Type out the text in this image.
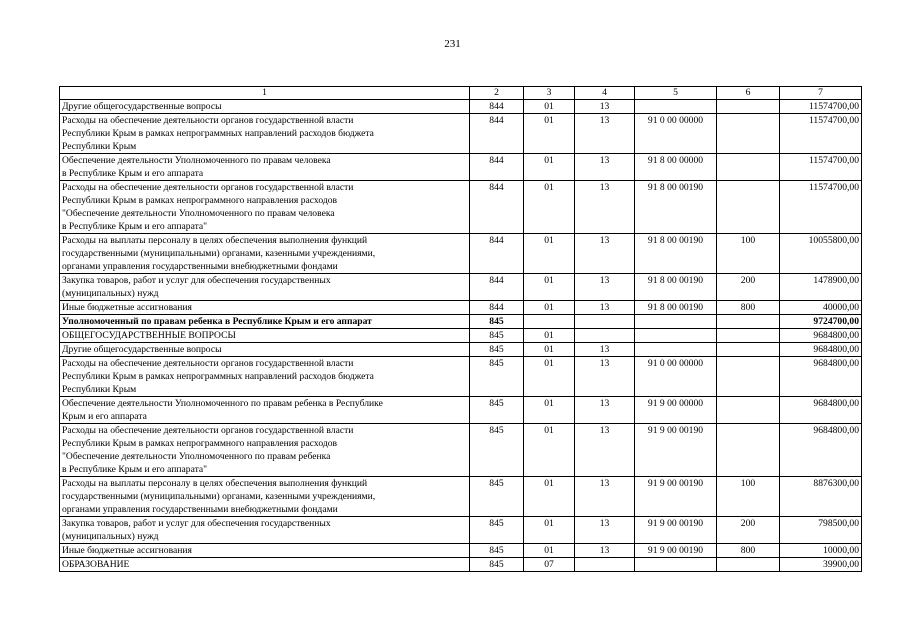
231
1	2	3	4	5	6	7
Другие общегосударственные вопросы	844	01	13			11574700,00
Расходы на обеспечение деятельности органов государственной власти
Республики Крым в рамках непрограммных направлений расходов бюджета
Республики Крым	844	01	13	91 0 00 00000		11574700,00
Обеспечение деятельности Уполномоченного по правам человека
в Республике Крым и его аппарата	844	01	13	91 8 00 00000		11574700,00
Расходы на обеспечение деятельности органов государственной власти
Республики Крым в рамках непрограммного направления расходов
"Обеспечение деятельности Уполномоченного по правам человека
в Республике Крым и его аппарата"	844	01	13	91 8 00 00190		11574700,00
Расходы на выплаты персоналу в целях обеспечения выполнения функций
государственными (муниципальными) органами, казенными учреждениями,
органами управления государственными внебюджетными фондами	844	01	13	91 8 00 00190	100	10055800,00
Закупка товаров, работ и услуг для обеспечения государственных
(муниципальных) нужд	844	01	13	91 8 00 00190	200	1478900,00
Иные бюджетные ассигнования	844	01	13	91 8 00 00190	800	40000,00
Уполномоченный по правам ребенка в Республике Крым и его аппарат	845					9724700,00
ОБЩЕГОСУДАРСТВЕННЫЕ ВОПРОСЫ	845	01				9684800,00
Другие общегосударственные вопросы	845	01	13			9684800,00
Расходы на обеспечение деятельности органов государственной власти
Республики Крым в рамках непрограммных направлений расходов бюджета
Республики Крым	845	01	13	91 0 00 00000		9684800,00
Обеспечение деятельности Уполномоченного по правам ребенка в Республике
Крым и его аппарата	845	01	13	91 9 00 00000		9684800,00
Расходы на обеспечение деятельности органов государственной власти
Республики Крым в рамках непрограммного направления расходов
"Обеспечение деятельности Уполномоченного по правам ребенка
в Республике Крым и его аппарата"	845	01	13	91 9 00 00190		9684800,00
Расходы на выплаты персоналу в целях обеспечения выполнения функций
государственными (муниципальными) органами, казенными учреждениями,
органами управления государственными внебюджетными фондами	845	01	13	91 9 00 00190	100	8876300,00
Закупка товаров, работ и услуг для обеспечения государственных
(муниципальных) нужд	845	01	13	91 9 00 00190	200	798500,00
Иные бюджетные ассигнования	845	01	13	91 9 00 00190	800	10000,00
ОБРАЗОВАНИЕ	845	07				39900,00
